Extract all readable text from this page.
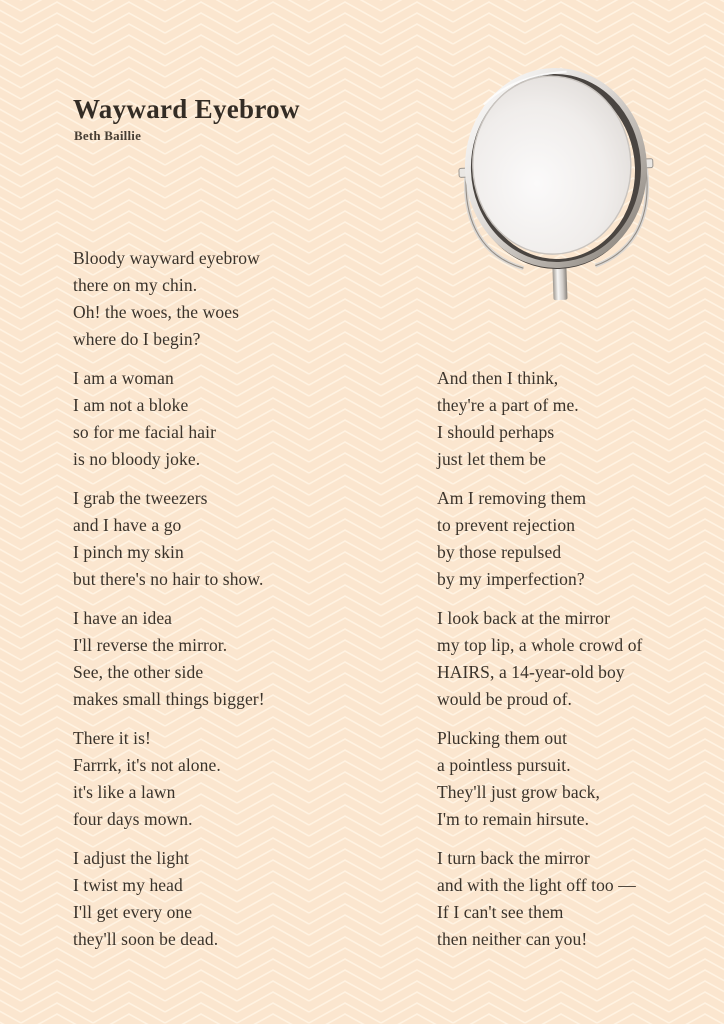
Wayward Eyebrow
Beth Baillie
Bloody wayward eyebrow
there on my chin.
Oh! the woes, the woes
where do I begin?
I am a woman
I am not a bloke
so for me facial hair
is no bloody joke.
I grab the tweezers
and I have a go
I pinch my skin
but there's no hair to show.
I have an idea
I'll reverse the mirror.
See, the other side
makes small things bigger!
There it is!
Farrrk, it's not alone.
it's like a lawn
four days mown.
I adjust the light
I twist my head
I'll get every one
they'll soon be dead.
And then I think,
they're a part of me.
I should perhaps
just let them be
Am I removing them
to prevent rejection
by those repulsed
by my imperfection?
I look back at the mirror
my top lip, a whole crowd of
HAIRS, a 14-year-old boy
would be proud of.
Plucking them out
a pointless pursuit.
They'll just grow back,
I'm to remain hirsute.
I turn back the mirror
and with the light off too —
If I can't see them
then neither can you!
